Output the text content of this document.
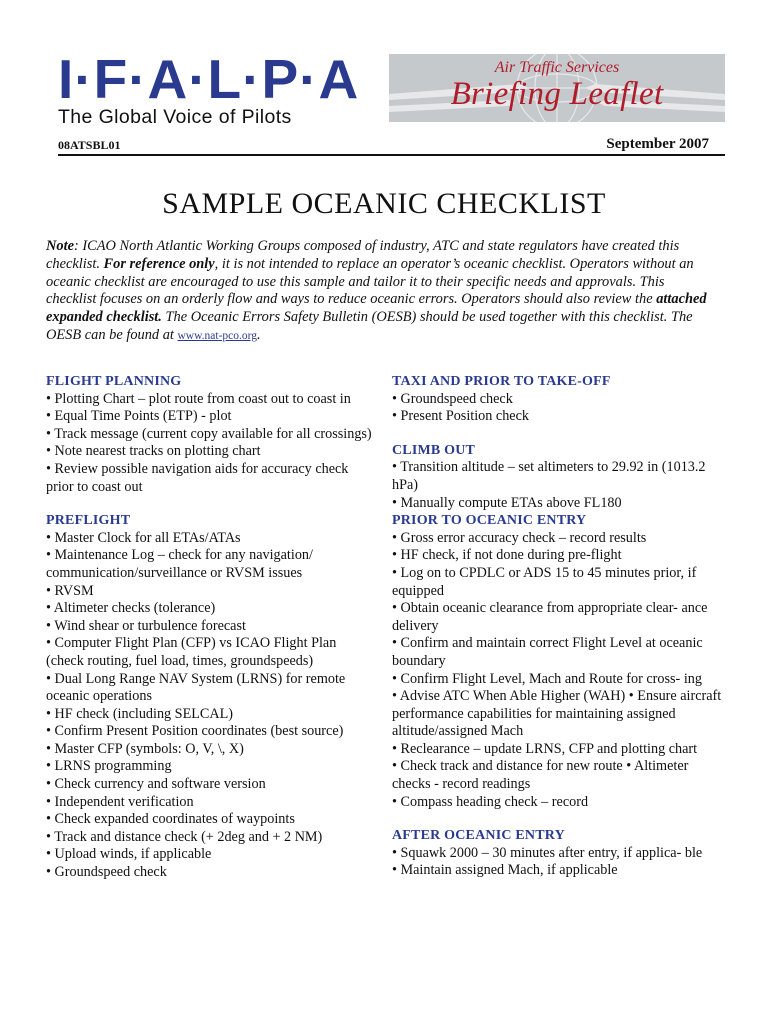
I·F·A·L·P·A
The Global Voice of Pilots
Air Traffic Services
Briefing Leaflet
08ATSBL01	September 2007
SAMPLE OCEANIC CHECKLIST
Note: ICAO North Atlantic Working Groups composed of industry, ATC and state regulators have created this checklist. For reference only, it is not intended to replace an operator’s oceanic checklist. Operators without an oceanic checklist are encouraged to use this sample and tailor it to their specific needs and approvals. This checklist focuses on an orderly flow and ways to reduce oceanic errors. Operators should also review the attached expanded checklist. The Oceanic Errors Safety Bulletin (OESB) should be used together with this checklist. The OESB can be found at www.nat-pco.org.
FLIGHT PLANNING
• Plotting Chart – plot route from coast out to coast in
• Equal Time Points (ETP) - plot
• Track message (current copy available for all crossings)
• Note nearest tracks on plotting chart
• Review possible navigation aids for accuracy check prior to coast out
PREFLIGHT
• Master Clock for all ETAs/ATAs
• Maintenance Log – check for any navigation/ communication/surveillance or RVSM issues
• RVSM
• Altimeter checks (tolerance)
• Wind shear or turbulence forecast
• Computer Flight Plan (CFP) vs ICAO Flight Plan (check routing, fuel load, times, groundspeeds)
• Dual Long Range NAV System (LRNS) for remote oceanic operations
• HF check (including SELCAL)
• Confirm Present Position coordinates (best source)
• Master CFP (symbols: O, V, \, X)
• LRNS programming
• Check currency and software version
• Independent verification
• Check expanded coordinates of waypoints
• Track and distance check (+ 2deg and + 2 NM)
• Upload winds, if applicable
• Groundspeed check
TAXI AND PRIOR TO TAKE-OFF
• Groundspeed check
• Present Position check
CLIMB OUT
• Transition altitude – set altimeters to 29.92 in (1013.2 hPa)
• Manually compute ETAs above FL180
PRIOR TO OCEANIC ENTRY
• Gross error accuracy check – record results
• HF check, if not done during pre-flight
• Log on to CPDLC or ADS 15 to 45 minutes prior, if equipped
• Obtain oceanic clearance from appropriate clear- ance delivery
• Confirm and maintain correct Flight Level at oceanic boundary
• Confirm Flight Level, Mach and Route for cross- ing
• Advise ATC When Able Higher (WAH) • Ensure aircraft performance capabilities for maintaining assigned altitude/assigned Mach
• Reclearance – update LRNS, CFP and plotting chart
• Check track and distance for new route • Altimeter checks - record readings
• Compass heading check – record
AFTER OCEANIC ENTRY
• Squawk 2000 – 30 minutes after entry, if applica- ble
• Maintain assigned Mach, if applicable
